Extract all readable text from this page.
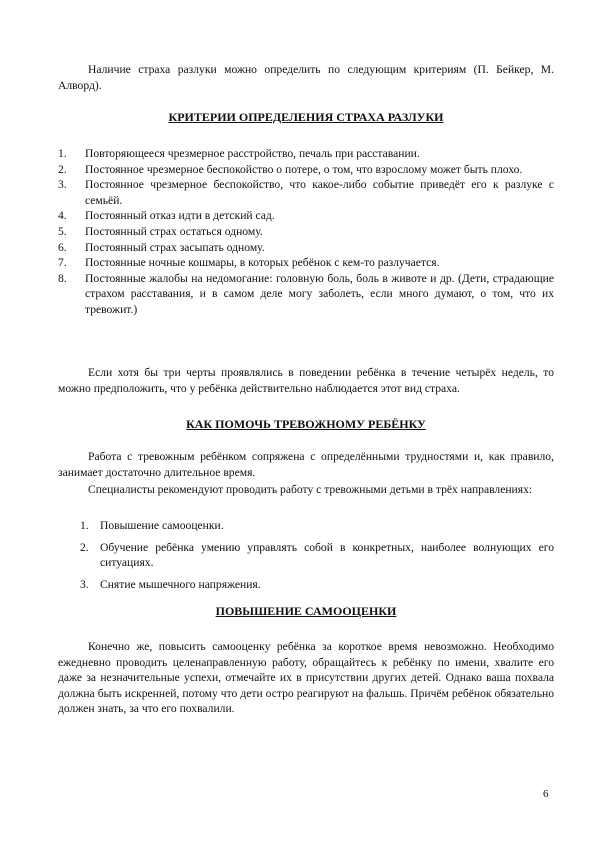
Наличие страха разлуки можно определить по следующим критериям (П. Бейкер, М. Алворд).

КРИТЕРИИ ОПРЕДЕЛЕНИЯ СТРАХА РАЗЛУКИ
1.	Повторяющееся чрезмерное расстройство, печаль при расставании.
2.	Постоянное чрезмерное беспокойство о потере, о том, что взрослому может быть плохо.
3.	Постоянное чрезмерное беспокойство, что какое-либо событие приведёт его к разлуке с семьёй.
4.	Постоянный отказ идти в детский сад.
5.	Постоянный страх остаться одному.
6.	Постоянный страх засыпать одному.
7.	Постоянные ночные кошмары, в которых ребёнок с кем-то разлучается.
8.	Постоянные жалобы на недомогание: головную боль, боль в животе и др. (Дети, страдающие страхом расставания, и в самом деле могу заболеть, если много думают, о том, что их тревожит.)

Если хотя бы три черты проявлялись в поведении ребёнка в течение четырёх недель, то можно предположить, что у ребёнка действительно наблюдается этот вид страха.

КАК ПОМОЧЬ ТРЕВОЖНОМУ РЕБЁНКУ

Работа с тревожным ребёнком сопряжена с определёнными трудностями и, как правило, занимает достаточно длительное время.

Специалисты рекомендуют проводить работу с тревожными детьми в трёх направлениях:

1. Повышение самооценки.
2. Обучение ребёнка умению управлять собой в конкретных, наиболее волнующих его ситуациях.
3. Снятие мышечного напряжения.
ПОВЫШЕНИЕ САМООЦЕНКИ

Конечно же, повысить самооценку ребёнка за короткое время невозможно. Необходимо ежедневно проводить целенаправленную работу, обращайтесь к ребёнку по имени, хвалите его даже за незначительные успехи, отмечайте их в присутствии других детей. Однако ваша похвала должна быть искренней, потому что дети остро реагируют на фальшь. Причём ребёнок обязательно должен знать, за что его похвалили.

6
